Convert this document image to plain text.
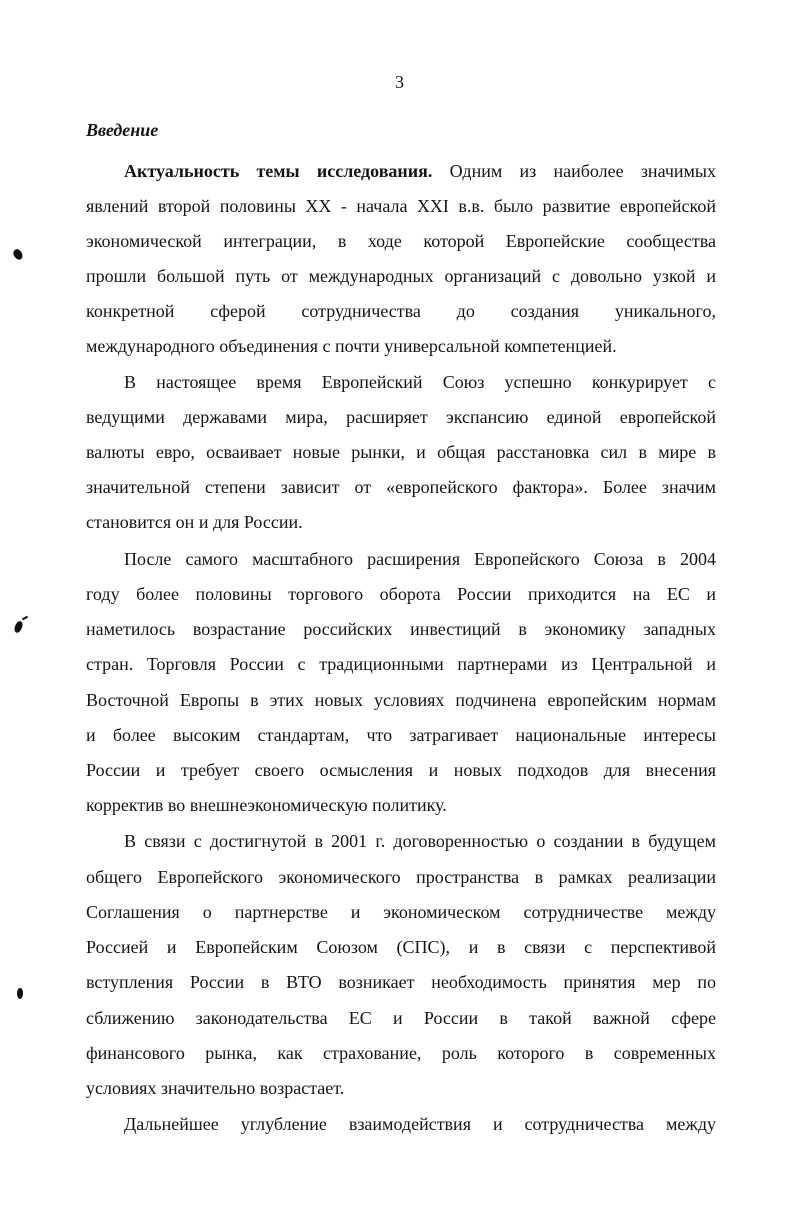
3
Введение
Актуальность темы исследования. Одним из наиболее значимых
явлений второй половины XX - начала XXI в.в. было развитие европейской
экономической интеграции, в ходе которой Европейские сообщества
прошли большой путь от международных организаций с довольно узкой и
конкретной сферой сотрудничества до создания уникального,
международного объединения с почти универсальной компетенцией.
В настоящее время Европейский Союз успешно конкурирует с
ведущими державами мира, расширяет экспансию единой европейской
валюты евро, осваивает новые рынки, и общая расстановка сил в мире в
значительной степени зависит от «европейского фактора». Более значим
становится он и для России.
После самого масштабного расширения Европейского Союза в 2004
году более половины торгового оборота России приходится на ЕС и
наметилось возрастание российских инвестиций в экономику западных
стран. Торговля России с традиционными партнерами из Центральной и
Восточной Европы в этих новых условиях подчинена европейским нормам
и более высоким стандартам, что затрагивает национальные интересы
России и требует своего осмысления и новых подходов для внесения
корректив во внешнеэкономическую политику.
В связи с достигнутой в 2001 г. договоренностью о создании в будущем
общего Европейского экономического пространства в рамках реализации
Соглашения о партнерстве и экономическом сотрудничестве между
Россией и Европейским Союзом (СПС), и в связи с перспективой
вступления России в ВТО возникает необходимость принятия мер по
сближению законодательства ЕС и России в такой важной сфере
финансового рынка, как страхование, роль которого в современных
условиях значительно возрастает.
Дальнейшее углубление взаимодействия и сотрудничества между
